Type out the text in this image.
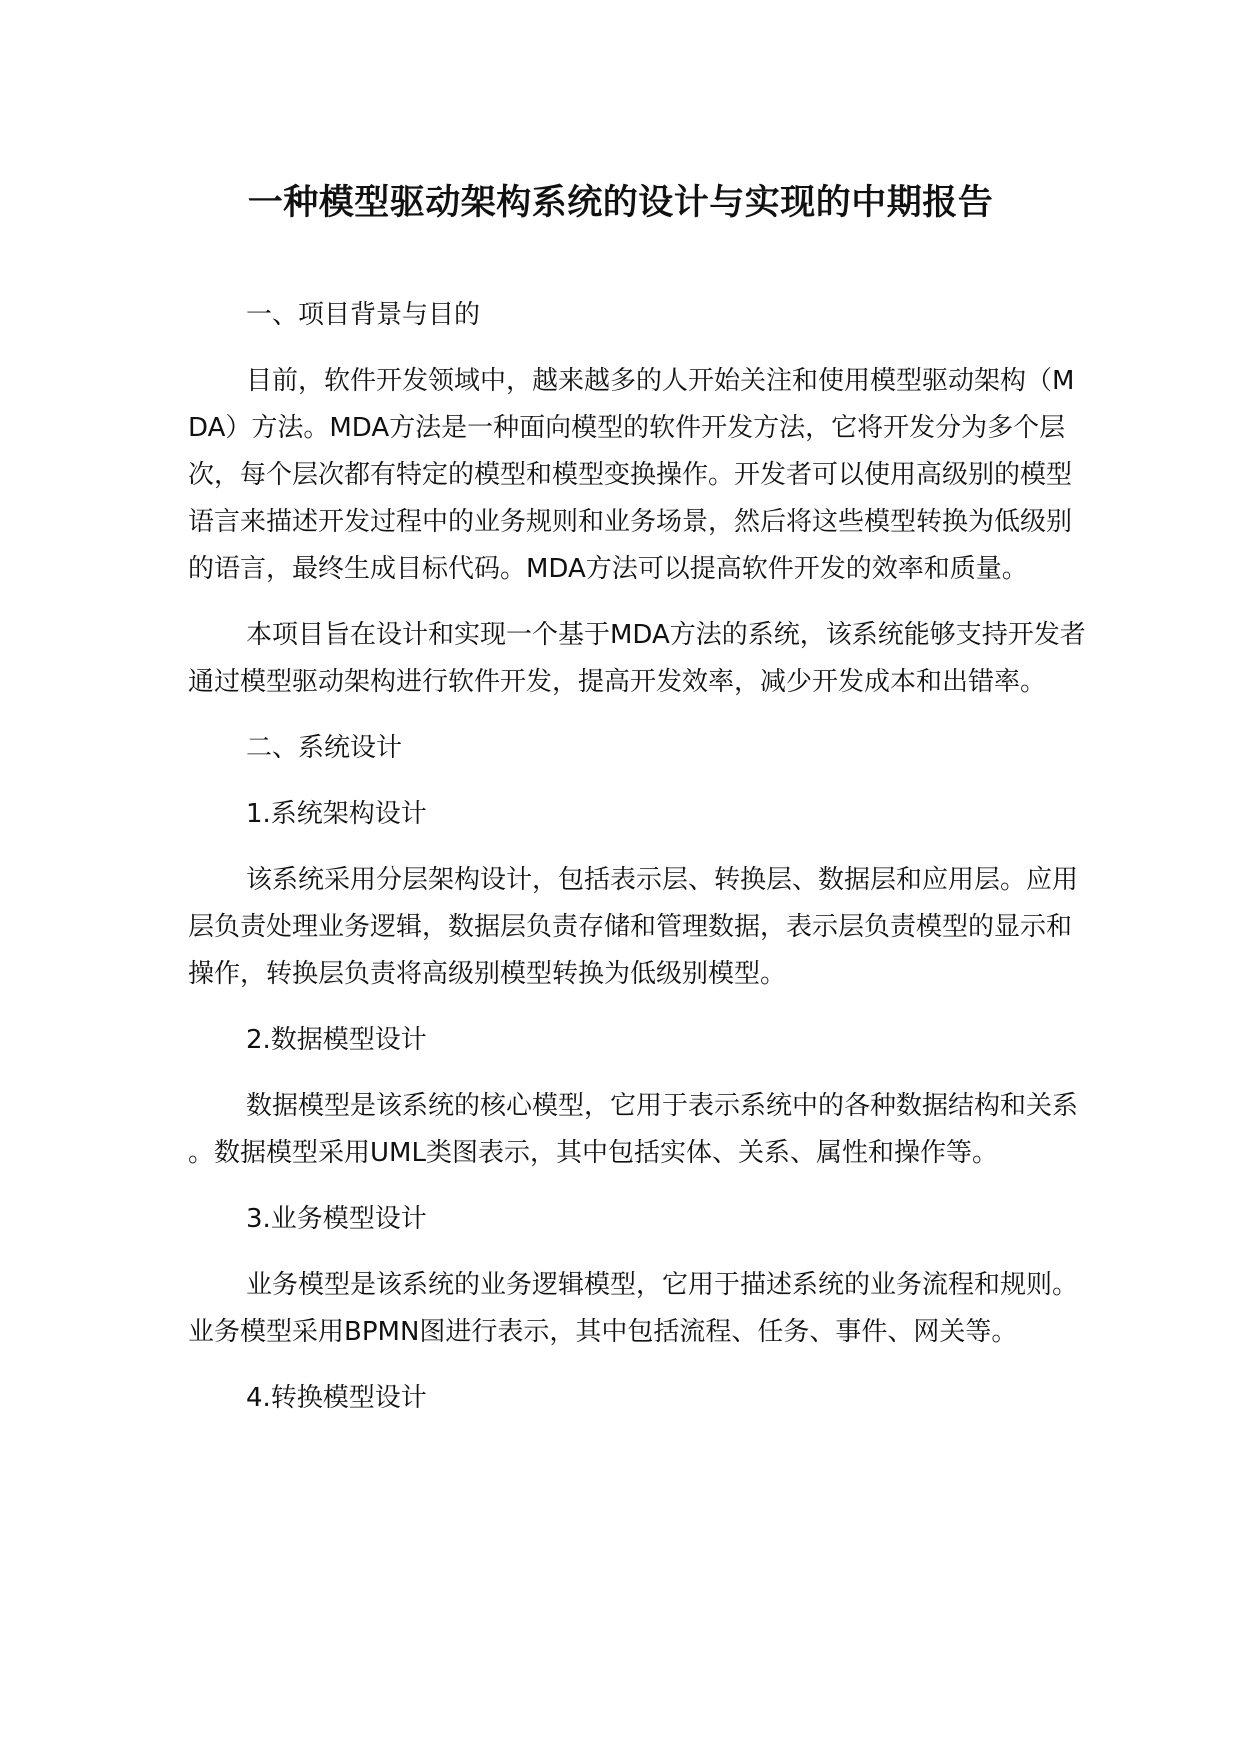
一种模型驱动架构系统的设计与实现的中期报告
一、项目背景与目的
目前，软件开发领域中，越来越多的人开始关注和使用模型驱动架构（MDA）方法。MDA方法是一种面向模型的软件开发方法，它将开发分为多个层次，每个层次都有特定的模型和模型变换操作。开发者可以使用高级别的模型语言来描述开发过程中的业务规则和业务场景，然后将这些模型转换为低级别的语言，最终生成目标代码。MDA方法可以提高软件开发的效率和质量。
本项目旨在设计和实现一个基于MDA方法的系统，该系统能够支持开发者通过模型驱动架构进行软件开发，提高开发效率，减少开发成本和出错率。
二、系统设计
1.系统架构设计
该系统采用分层架构设计，包括表示层、转换层、数据层和应用层。应用层负责处理业务逻辑，数据层负责存储和管理数据，表示层负责模型的显示和操作，转换层负责将高级别模型转换为低级别模型。
2.数据模型设计
数据模型是该系统的核心模型，它用于表示系统中的各种数据结构和关系。数据模型采用UML类图表示，其中包括实体、关系、属性和操作等。
3.业务模型设计
业务模型是该系统的业务逻辑模型，它用于描述系统的业务流程和规则。业务模型采用BPMN图进行表示，其中包括流程、任务、事件、网关等。
4.转换模型设计
